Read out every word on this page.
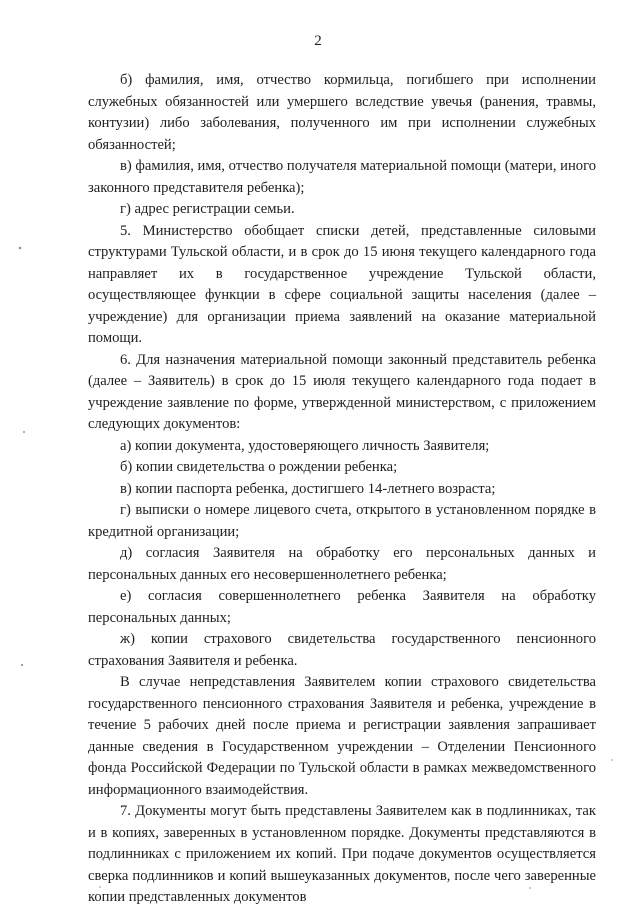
2

б) фамилия, имя, отчество кормильца, погибшего при исполнении служебных обязанностей или умершего вследствие увечья (ранения, травмы, контузии) либо заболевания, полученного им при исполнении служебных обязанностей;

в) фамилия, имя, отчество получателя материальной помощи (матери, иного законного представителя ребенка);

г) адрес регистрации семьи.

5. Министерство обобщает списки детей, представленные силовыми структурами Тульской области, и в срок до 15 июня текущего календарного года направляет их в государственное учреждение Тульской области, осуществляющее функции в сфере социальной защиты населения (далее – учреждение) для организации приема заявлений на оказание материальной помощи.

6. Для назначения материальной помощи законный представитель ребенка (далее – Заявитель) в срок до 15 июля текущего календарного года подает в учреждение заявление по форме, утвержденной министерством, с приложением следующих документов:

а) копии документа, удостоверяющего личность Заявителя;

б) копии свидетельства о рождении ребенка;

в) копии паспорта ребенка, достигшего 14-летнего возраста;

г) выписки о номере лицевого счета, открытого в установленном порядке в кредитной организации;

д) согласия Заявителя на обработку его персональных данных и персональных данных его несовершеннолетнего ребенка;

е) согласия совершеннолетнего ребенка Заявителя на обработку персональных данных;

ж) копии страхового свидетельства государственного пенсионного страхования Заявителя и ребенка.

В случае непредставления Заявителем копии страхового свидетельства государственного пенсионного страхования Заявителя и ребенка, учреждение в течение 5 рабочих дней после приема и регистрации заявления запрашивает данные сведения в Государственном учреждении – Отделении Пенсионного фонда Российской Федерации по Тульской области в рамках межведомственного информационного взаимодействия.

7. Документы могут быть представлены Заявителем как в подлинниках, так и в копиях, заверенных в установленном порядке. Документы представляются в подлинниках с приложением их копий. При подаче документов осуществляется сверка подлинников и копий вышеуказанных документов, после чего заверенные копии представленных документов
